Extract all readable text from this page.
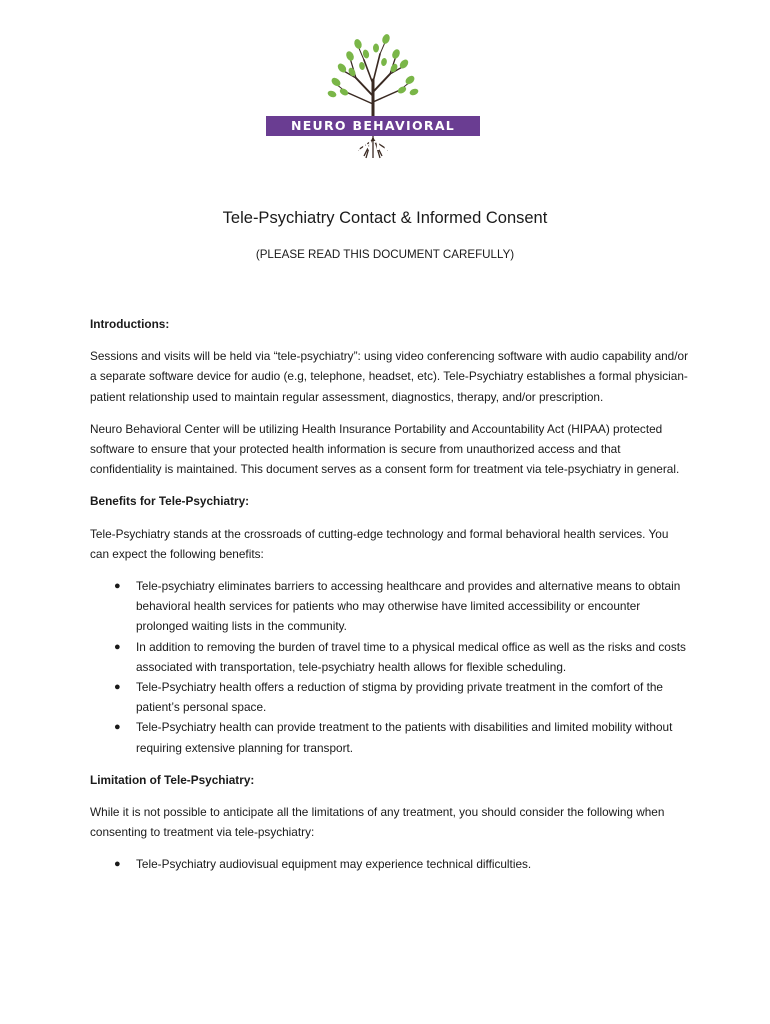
NEURO BEHAVIORAL CENTER
Tele-Psychiatry Contact & Informed Consent
(PLEASE READ THIS DOCUMENT CAREFULLY)
Introductions:

Sessions and visits will be held via “tele-psychiatry”: using video conferencing software with audio capability and/or a separate software device for audio (e.g, telephone, headset, etc). Tele-Psychiatry establishes a formal physician-patient relationship used to maintain regular assessment, diagnostics, therapy, and/or prescription.

Neuro Behavioral Center will be utilizing Health Insurance Portability and Accountability Act (HIPAA) protected software to ensure that your protected health information is secure from unauthorized access and that confidentiality is maintained. This document serves as a consent form for treatment via tele-psychiatry in general.

Benefits for Tele-Psychiatry:

Tele-Psychiatry stands at the crossroads of cutting-edge technology and formal behavioral health services. You can expect the following benefits:

● Tele-psychiatry eliminates barriers to accessing healthcare and provides and alternative means to obtain behavioral health services for patients who may otherwise have limited accessibility or encounter prolonged waiting lists in the community.
● In addition to removing the burden of travel time to a physical medical office as well as the risks and costs associated with transportation, tele-psychiatry health allows for flexible scheduling.
● Tele-Psychiatry health offers a reduction of stigma by providing private treatment in the comfort of the patient’s personal space.
● Tele-Psychiatry health can provide treatment to the patients with disabilities and limited mobility without requiring extensive planning for transport.
Limitation of Tele-Psychiatry:

While it is not possible to anticipate all the limitations of any treatment, you should consider the following when consenting to treatment via tele-psychiatry:

● Tele-Psychiatry audiovisual equipment may experience technical difficulties.
